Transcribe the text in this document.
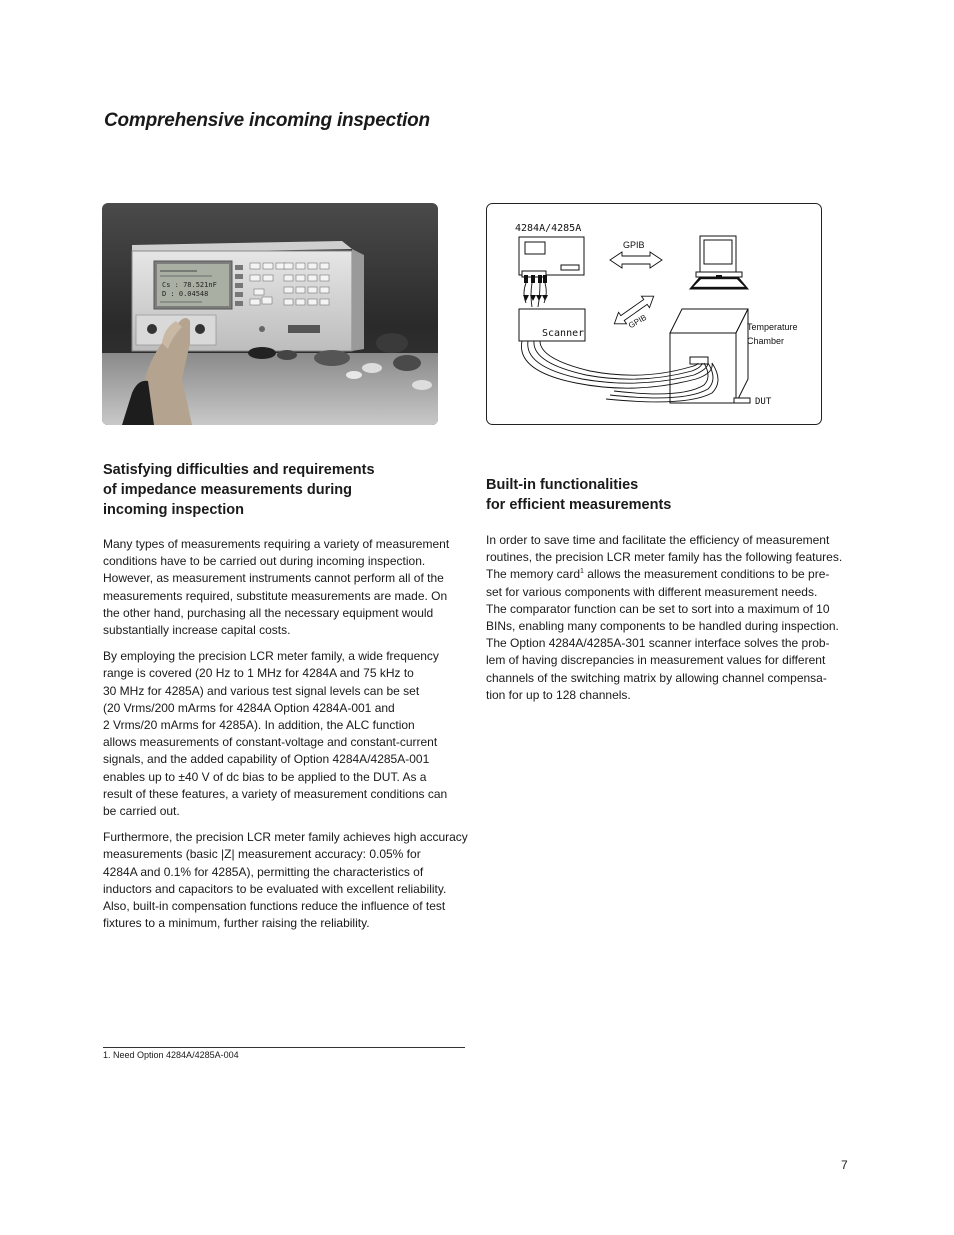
Comprehensive incoming inspection
Cs : 78.521nF
D : 0.04548
4284A/4285A
Scanner
GPIB
GPIB	Temperature
Chamber
DUT
Satisfying difficulties and requirements
of impedance measurements during
incoming inspection

Many types of measurements requiring a variety of measurement
conditions have to be carried out during incoming inspection.
However, as measurement instruments cannot perform all of the
measurements required, substitute measurements are made. On
the other hand, purchasing all the necessary equipment would
substantially increase capital costs.

By employing the precision LCR meter family, a wide frequency
range is covered (20 Hz to 1 MHz for 4284A and 75 kHz to
30 MHz for 4285A) and various test signal levels can be set
(20 Vrms/200 mArms for 4284A Option 4284A-001 and
2 Vrms/20 mArms for 4285A). In addition, the ALC function
allows measurements of constant-voltage and constant-current
signals, and the added capability of Option 4284A/4285A-001
enables up to ±40 V of dc bias to be applied to the DUT. As a
result of these features, a variety of measurement conditions can
be carried out.

Furthermore, the precision LCR meter family achieves high accuracy
measurements (basic |Z| measurement accuracy: 0.05% for
4284A and 0.1% for 4285A), permitting the characteristics of
inductors and capacitors to be evaluated with excellent reliability.
Also, built-in compensation functions reduce the influence of test
fixtures to a minimum, further raising the reliability.

Built-in functionalities
for efficient measurements

In order to save time and facilitate the efficiency of measurement
routines, the precision LCR meter family has the following features.
The memory card$^1$ allows the measurement conditions to be pre-
set for various components with different measurement needs.
The comparator function can be set to sort into a maximum of 10
BINs, enabling many components to be handled during inspection.
The Option 4284A/4285A-301 scanner interface solves the prob-
lem of having discrepancies in measurement values for different
channels of the switching matrix by allowing channel compensa-
tion for up to 128 channels.

1. Need Option 4284A/4285A-004
7
